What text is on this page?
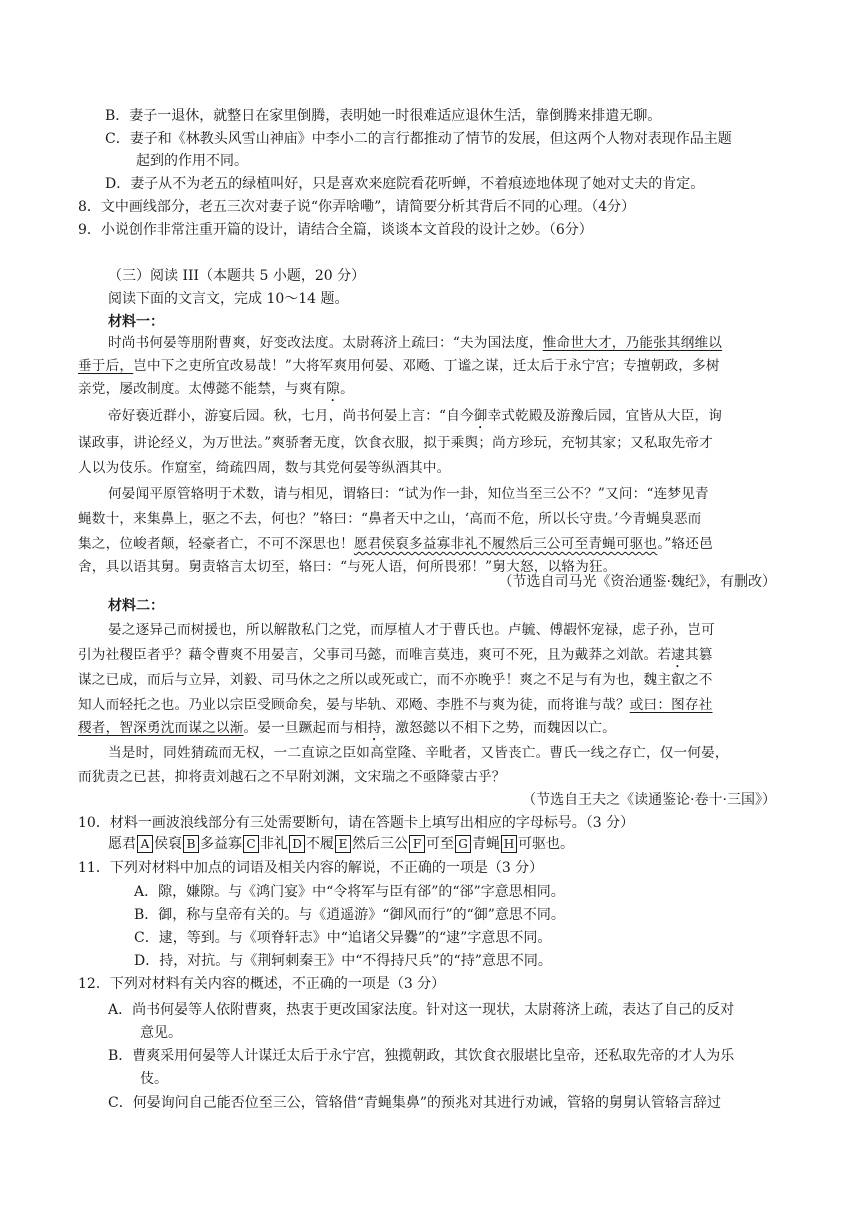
B．妻子一退休，就整日在家里倒腾，表明她一时很难适应退休生活，靠倒腾来排遣无聊。
C．妻子和《林教头风雪山神庙》中李小二的言行都推动了情节的发展，但这两个人物对表现作品主题
起到的作用不同。
D．妻子从不为老五的绿植叫好，只是喜欢来庭院看花听蝉，不着痕迹地体现了她对丈夫的肯定。
8．文中画线部分，老五三次对妻子说“你弄啥嘞”，请简要分析其背后不同的心理。（4分）
9．小说创作非常注重开篇的设计，请结合全篇，谈谈本文首段的设计之妙。（6分）
（三）阅读 III（本题共 5 小题，20 分）
阅读下面的文言文，完成 10～14 题。
材料一：
时尚书何晏等朋附曹爽，好变改法度。太尉蒋济上疏曰：“夫为国法度，惟命世大才，乃能张其纲维以
垂于后，岂中下之吏所宜改易哉！”大将军爽用何晏、邓飏、丁谧之谋，迁太后于永宁宫；专擅朝政，多树
亲党，屡改制度。太傅懿不能禁，与爽有隙。
帝好亵近群小，游宴后园。秋，七月，尚书何晏上言：“自今御幸式乾殿及游豫后园，宜皆从大臣，询
谋政事，讲论经义，为万世法。”爽骄奢无度，饮食衣服，拟于乘舆；尚方珍玩，充牣其家；又私取先帝才
人以为伎乐。作窟室，绮疏四周，数与其党何晏等纵酒其中。
何晏闻平原管辂明于术数，请与相见，谓辂曰：“试为作一卦，知位当至三公不？”又问：“连梦见青
蝇数十，来集鼻上，驱之不去，何也？”辂曰：“鼻者天中之山，‘高而不危，所以长守贵。’今青蝇臭恶而
集之，位峻者颠，轻豪者亡，不可不深思也！愿君侯裒多益寡非礼不履然后三公可至青蝇可驱也。”辂还邑
舍，具以语其舅。舅责辂言太切至，辂曰：“与死人语，何所畏邪！”舅大怒，以辂为狂。
（节选自司马光《资治通鉴·魏纪》，有删改）
材料二：
晏之逐异己而树援也，所以解散私门之党，而厚植人才于曹氏也。卢毓、傅嘏怀宠禄，虑子孙，岂可
引为社稷臣者乎？藉令曹爽不用晏言，父事司马懿，而唯言莫违，爽可不死，且为戴莽之刘歆。若逮其篡
谋之已成，而后与立异，刘毅、司马休之之所以或死或亡，而不亦晚乎！爽之不足与有为也，魏主叡之不
知人而轻托之也。乃业以宗臣受顾命矣，晏与毕轨、邓飏、李胜不与爽为徒，而将谁与哉？或曰：图存社
稷者，智深勇沈而谋之以渐。晏一旦蹶起而与相持，激怒懿以不相下之势，而魏因以亡。
当是时，同姓猜疏而无权，一二直谅之臣如高堂隆、辛毗者，又皆丧亡。曹氏一线之存亡，仅一何晏，
而犹责之已甚，抑将责刘越石之不早附刘渊，文宋瑞之不亟降蒙古乎？
（节选自王夫之《读通鉴论·卷十·三国》）
10．材料一画波浪线部分有三处需要断句，请在答题卡上填写出相应的字母标号。（3 分）
愿君 A 侯裒 B 多益寡 C 非礼 D 不履 E 然后三公 F 可至 G 青蝇 H 可驱也。
11．下列对材料中加点的词语及相关内容的解说，不正确的一项是（3 分）
A．隙，嫌隙。与《鸿门宴》中“令将军与臣有郤”的“郤”字意思相同。
B．御，称与皇帝有关的。与《逍遥游》“御风而行”的“御”意思不同。
C．逮，等到。与《项脊轩志》中“追诸父异爨”的“逮”字意思不同。
D．持，对抗。与《荆轲刺秦王》中“不得持尺兵”的“持”意思不同。
12．下列对材料有关内容的概述，不正确的一项是（3 分）
A．尚书何晏等人依附曹爽，热衷于更改国家法度。针对这一现状，太尉蒋济上疏，表达了自己的反对
意见。
B．曹爽采用何晏等人计谋迁太后于永宁宫，独揽朝政，其饮食衣服堪比皇帝，还私取先帝的才人为乐
伎。
C．何晏询问自己能否位至三公，管辂借“青蝇集鼻”的预兆对其进行劝诫，管辂的舅舅认管辂言辞过
